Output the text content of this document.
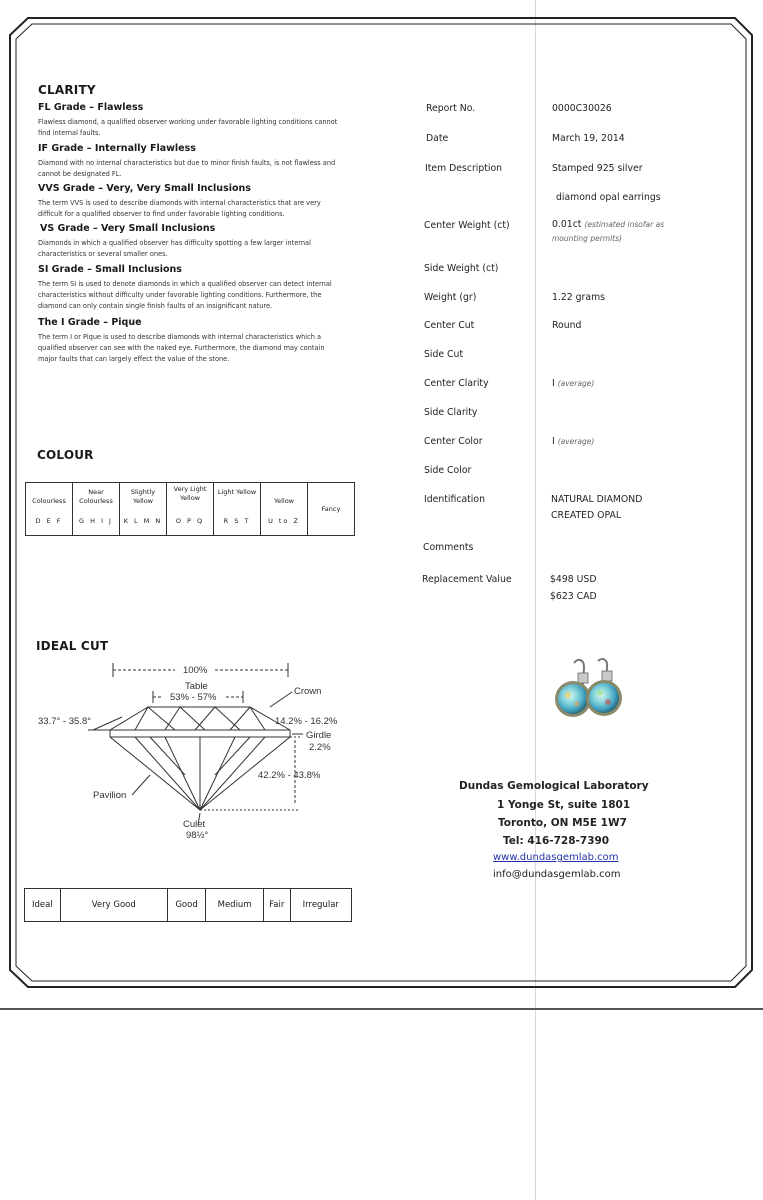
CLARITY
FL Grade – Flawless
Flawless diamond, a qualified observer working under favorable lighting conditions cannot find internal faults.
IF Grade – Internally Flawless
Diamond with no internal characteristics but due to minor finish faults, is not flawless and cannot be designated FL.
VVS Grade – Very, Very Small Inclusions
The term VVS is used to describe diamonds with internal characteristics that are very difficult for a qualified observer to find under favorable lighting conditions.
VS Grade – Very Small Inclusions
Diamonds in which a qualified observer has difficulty spotting a few larger internal characteristics or several smaller ones.
SI Grade – Small Inclusions
The term SI is used to denote diamonds in which a qualified observer can detect internal characteristics without difficulty under favorable lighting conditions. Furthermore, the diamond can only contain single finish faults of an insignificant nature.
The I Grade – Pique
The term I or Pique is used to describe diamonds with internal characteristics which a qualified observer can see with the naked eye. Furthermore, the diamond may contain major faults that can largely effect the value of the stone.
COLOUR
Colourless
D E F

Near Colourless
G H I J

Slightly Yellow
K L M N

Very Light Yellow
O P Q

Light Yellow
R S T

Yellow
U to Z

Fancy
IDEAL CUT
100%
Table
53% - 57%
Crown
33.7° - 35.8°	14.2% - 16.2%
Girdle
2.2%
42.2% - 43.8%
Pavilion
Culet
98½°
Ideal	Very Good	Good	Medium	Fair	Irregular
Report No.	0000C30026
Date	March 19, 2014
Item Description	Stamped 925 silver
diamond opal earrings
Center Weight (ct)	0.01ct (estimated insofar as mounting permits)
Side Weight (ct)
Weight (gr)	1.22 grams
Center Cut	Round
Side Cut
Center Clarity	I (average)
Side Clarity
Center Color	I (average)
Side Color
Identification	NATURAL DIAMOND
CREATED OPAL
Comments
Replacement Value	$498 USD
$623 CAD
Dundas Gemological Laboratory
1 Yonge St, suite 1801
Toronto, ON M5E 1W7
Tel: 416-728-7390
www.dundasgemlab.com
info@dundasgemlab.com
